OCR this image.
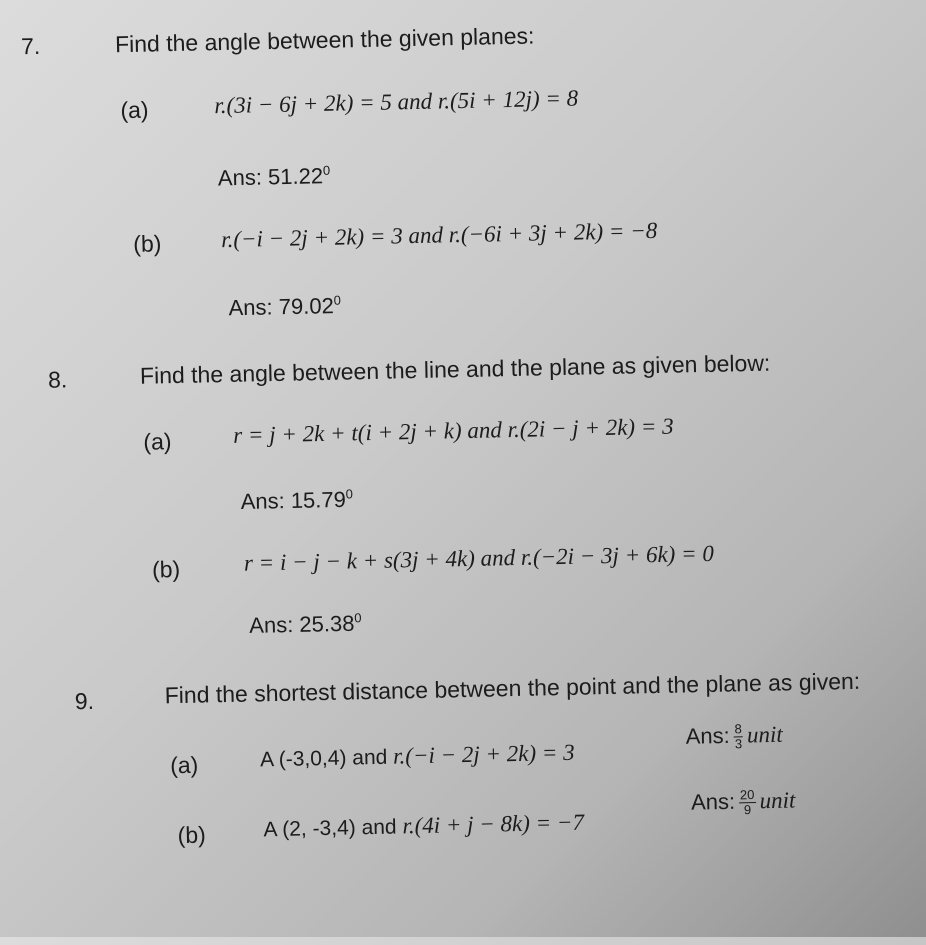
7.	Find the angle between the given planes:
(a)	r.(3i − 6j + 2k) = 5 and r.(5i + 12j) = 8
Ans: 51.22$^0$
(b)	r.(−i − 2j + 2k) = 3 and r.(−6i + 3j + 2k) = −8
Ans: 79.02$^0$
8.	Find the angle between the line and the plane as given below:
(a)	r = j + 2k + t(i + 2j + k) and r.(2i − j + 2k) = 3
Ans: 15.79$^0$
(b)	r = i − j − k + s(3j + 4k) and r.(−2i − 3j + 6k) = 0
Ans: 25.38$^0$
9.	Find the shortest distance between the point and the plane as given:
(a)	A (-3,0,4) and r.(−i − 2j + 2k) = 3
Ans: $\frac{8}{3}$ unit
(b)	A (2, -3,4) and r.(4i + j − 8k) = −7
Ans: $\frac{20}{9}$ unit
